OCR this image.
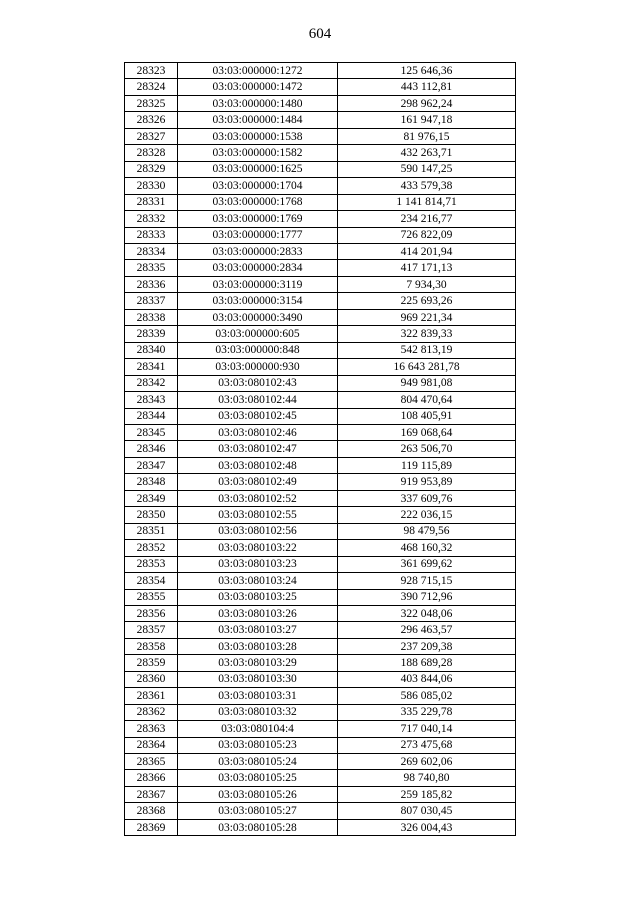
604
28323	03:03:000000:1272	125 646,36
28324	03:03:000000:1472	443 112,81
28325	03:03:000000:1480	298 962,24
28326	03:03:000000:1484	161 947,18
28327	03:03:000000:1538	81 976,15
28328	03:03:000000:1582	432 263,71
28329	03:03:000000:1625	590 147,25
28330	03:03:000000:1704	433 579,38
28331	03:03:000000:1768	1 141 814,71
28332	03:03:000000:1769	234 216,77
28333	03:03:000000:1777	726 822,09
28334	03:03:000000:2833	414 201,94
28335	03:03:000000:2834	417 171,13
28336	03:03:000000:3119	7 934,30
28337	03:03:000000:3154	225 693,26
28338	03:03:000000:3490	969 221,34
28339	03:03:000000:605	322 839,33
28340	03:03:000000:848	542 813,19
28341	03:03:000000:930	16 643 281,78
28342	03:03:080102:43	949 981,08
28343	03:03:080102:44	804 470,64
28344	03:03:080102:45	108 405,91
28345	03:03:080102:46	169 068,64
28346	03:03:080102:47	263 506,70
28347	03:03:080102:48	119 115,89
28348	03:03:080102:49	919 953,89
28349	03:03:080102:52	337 609,76
28350	03:03:080102:55	222 036,15
28351	03:03:080102:56	98 479,56
28352	03:03:080103:22	468 160,32
28353	03:03:080103:23	361 699,62
28354	03:03:080103:24	928 715,15
28355	03:03:080103:25	390 712,96
28356	03:03:080103:26	322 048,06
28357	03:03:080103:27	296 463,57
28358	03:03:080103:28	237 209,38
28359	03:03:080103:29	188 689,28
28360	03:03:080103:30	403 844,06
28361	03:03:080103:31	586 085,02
28362	03:03:080103:32	335 229,78
28363	03:03:080104:4	717 040,14
28364	03:03:080105:23	273 475,68
28365	03:03:080105:24	269 602,06
28366	03:03:080105:25	98 740,80
28367	03:03:080105:26	259 185,82
28368	03:03:080105:27	807 030,45
28369	03:03:080105:28	326 004,43
